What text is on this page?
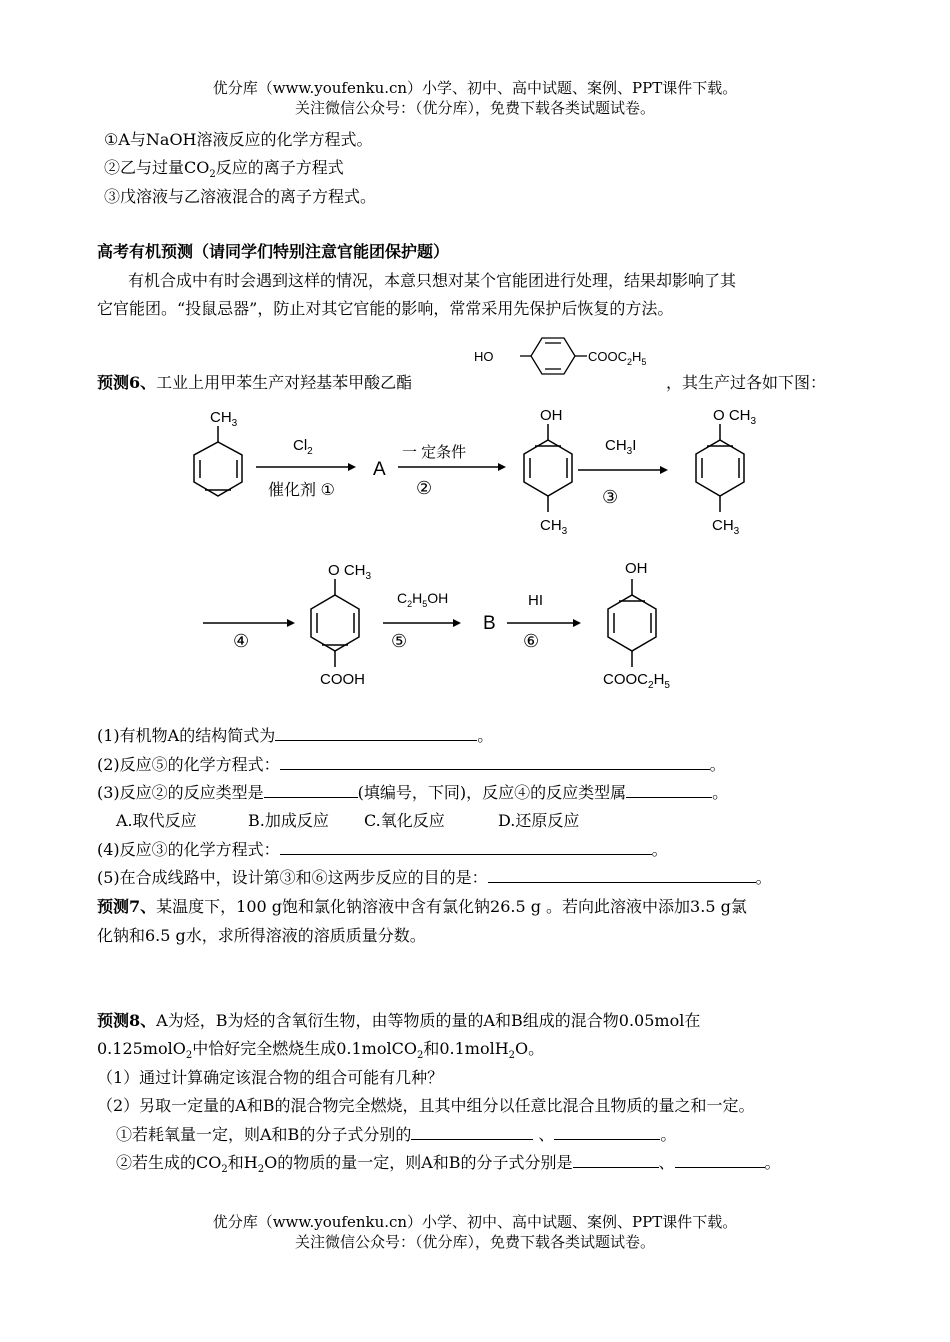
优分库（www.youfenku.cn）小学、初中、高中试题、案例、PPT课件下载。
关注微信公众号：（优分库），免费下载各类试题试卷。
①A与NaOH溶液反应的化学方程式。
②乙与过量$CO_2$反应的离子方程式
③戊溶液与乙溶液混合的离子方程式。
高考有机预测（请同学们特别注意官能团保护题）
有机合成中有时会遇到这样的情况，本意只想对某个官能团进行处理，结果却影响了其
它官能团。“投鼠忌器”，防止对其它官能的影响，常常采用先保护后恢复的方法。
预测6、工业上用甲苯生产对羟基苯甲酸乙酯	，其生产过各如下图：
HO	$COOC_2H_5$
$CH_3$
$Cl_2$
催化剂 ①
A
一 定条件
②
OH
$CH_3$
$CH_3I$
③
O $CH_3$
$CH_3$
④
O $CH_3$
COOH
$C_2H_5OH$
⑤
B
HI
⑥
OH
$COOC_2H_5$
(1)有机物A的结构简式为	。
(2)反应⑤的化学方程式：	。
(3)反应②的反应类型是	(填编号，下同)，反应④的反应类型属	。
A.取代反应	B.加成反应 C.氧化反应	D.还原反应
(4)反应③的化学方程式：	。
(5)在合成线路中，设计第③和⑥这两步反应的目的是：	。
预测7、某温度下，100 g饱和氯化钠溶液中含有氯化钠26.5 g 。若向此溶液中添加3.5 g氯
化钠和6.5 g水，求所得溶液的溶质质量分数。
预测8、A为烃，B为烃的含氧衍生物，由等物质的量的A和B组成的混合物0.05mol在
0.125molO$_2$中恰好完全燃烧生成0.1molCO$_2$和0.1molH$_2$O。
（1）通过计算确定该混合物的组合可能有几种？
（2）另取一定量的A和B的混合物完全燃烧，且其中组分以任意比混合且物质的量之和一定。
①若耗氧量一定，则A和B的分子式分别的	、	。
②若生成的$CO_2$和$H_2O$的物质的量一定，则A和B的分子式分别是	、	。
优分库（www.youfenku.cn）小学、初中、高中试题、案例、PPT课件下载。
关注微信公众号：（优分库），免费下载各类试题试卷。
